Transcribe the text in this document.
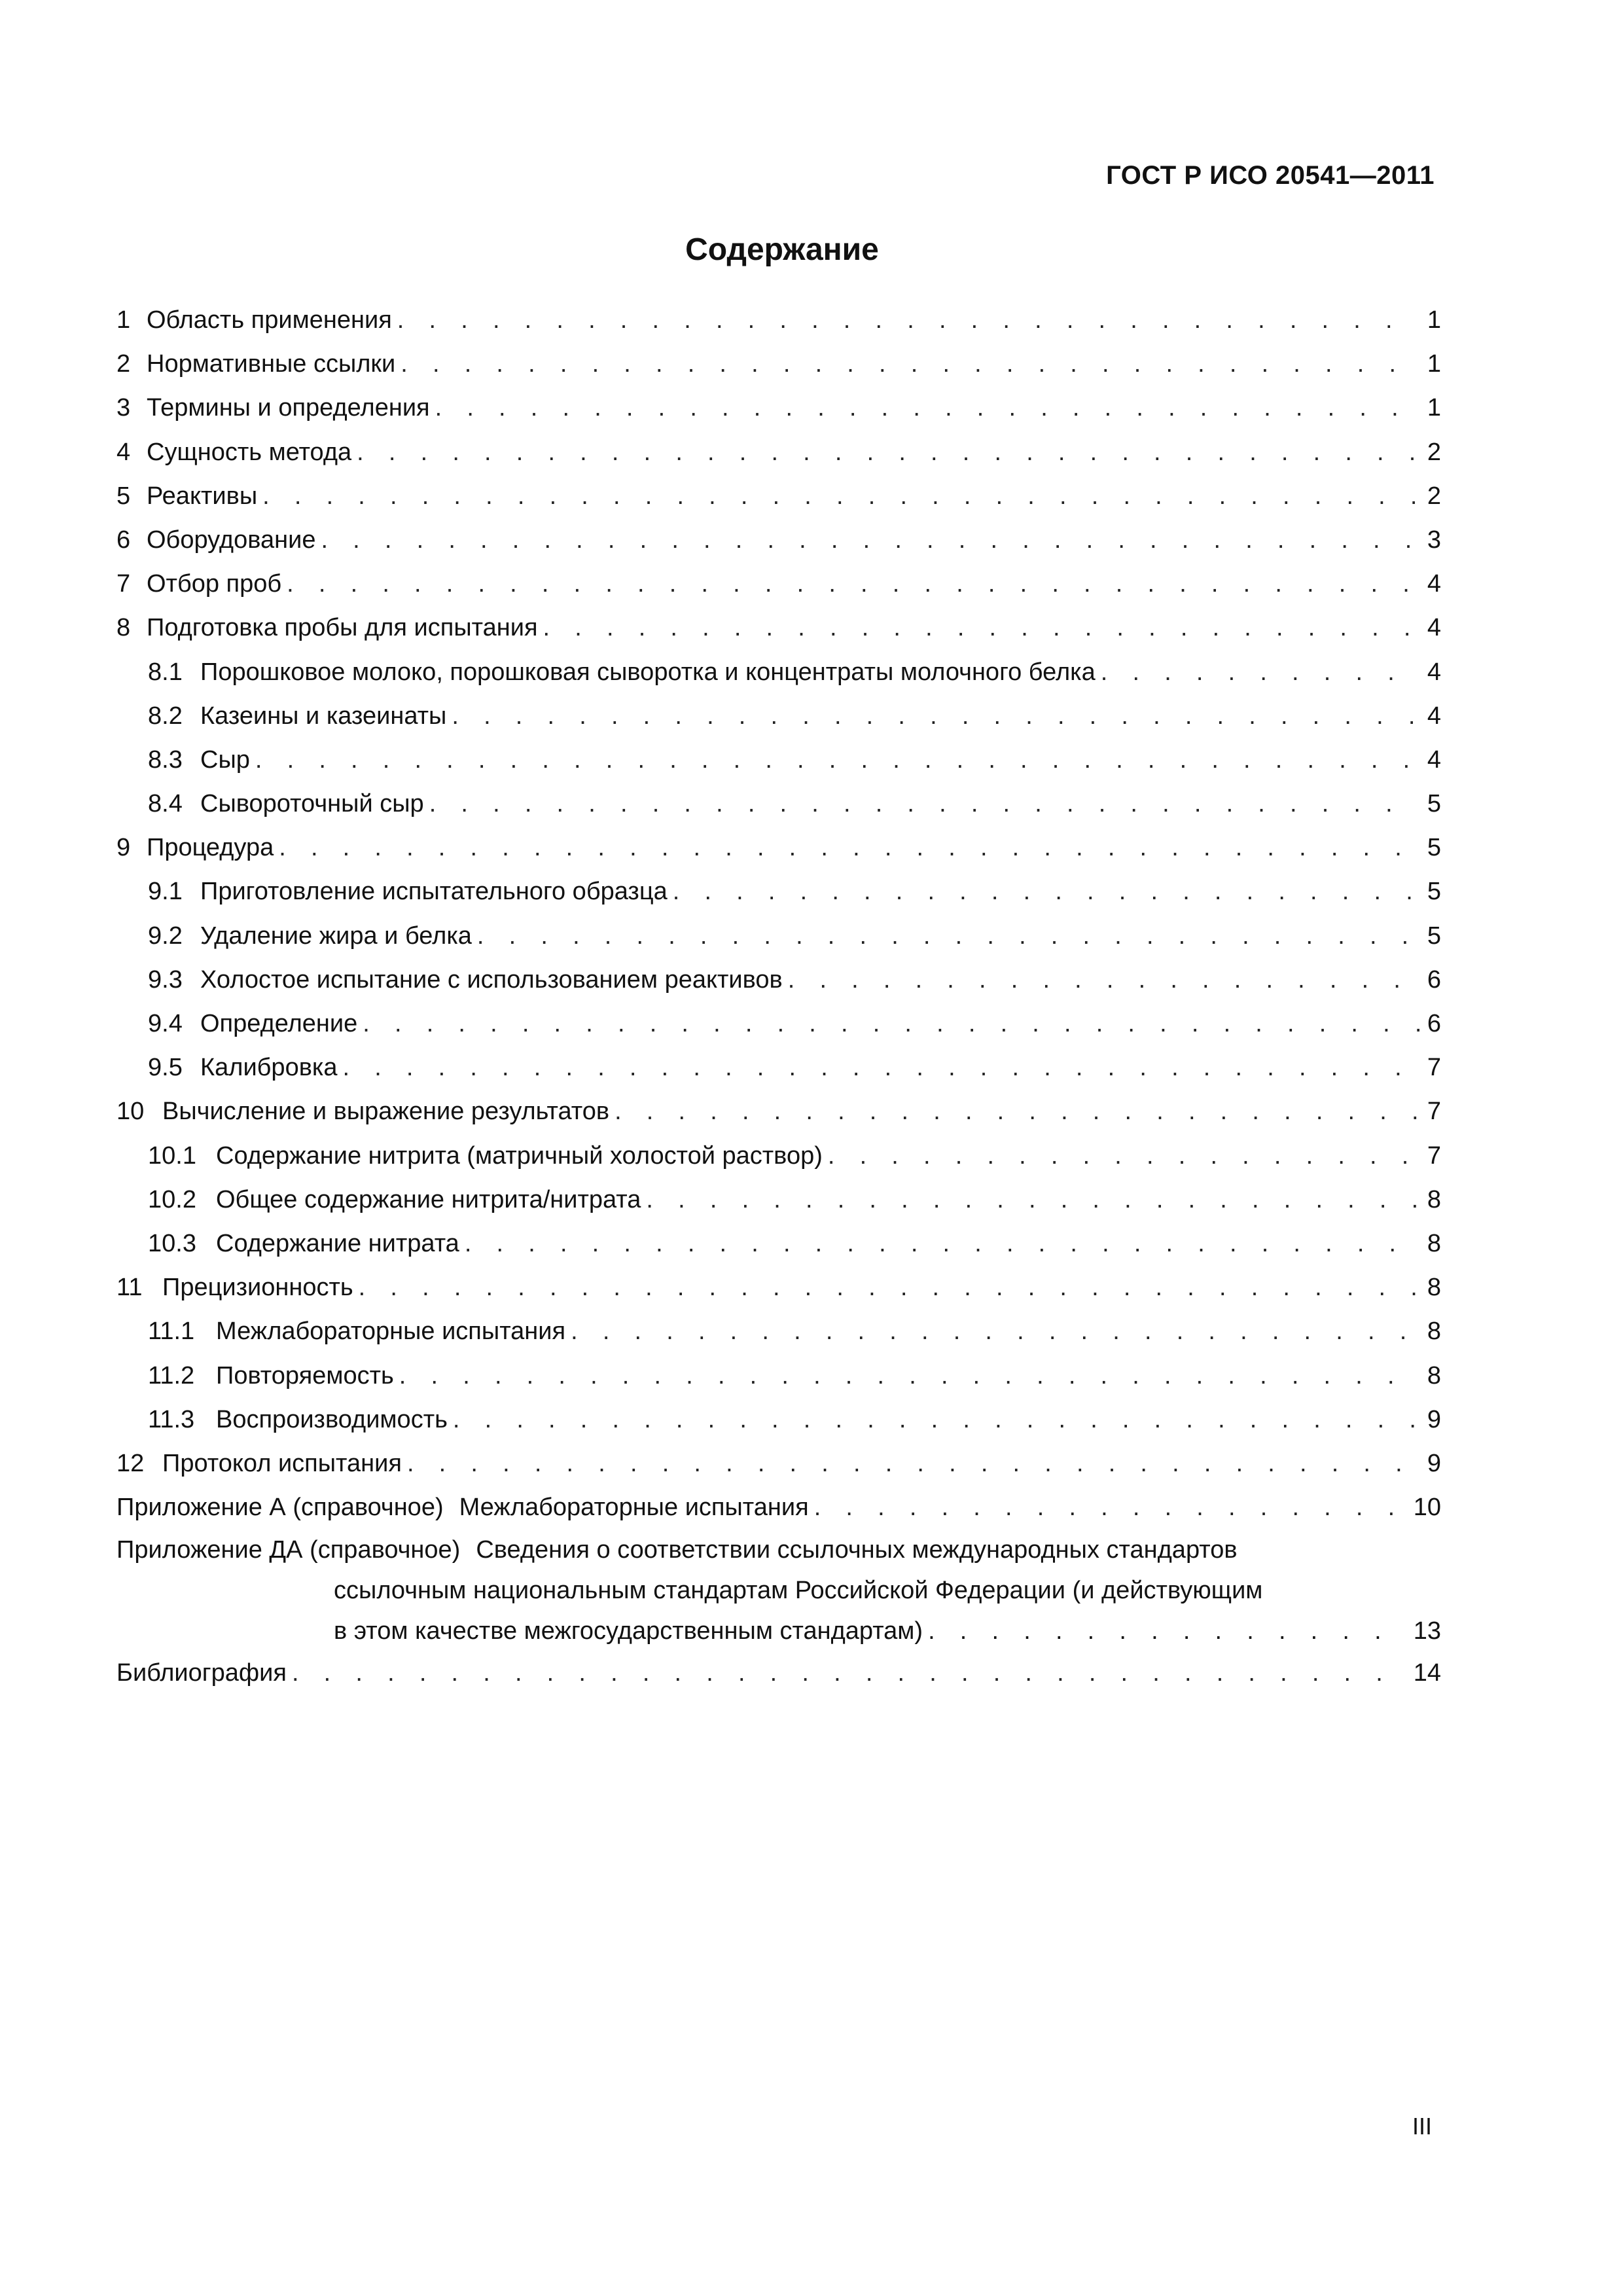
ГОСТ Р ИСО 20541—2011
Содержание
1 Область применения . . .	1
2 Нормативные ссылки . . .	1
3 Термины и определения . . .	1
4 Сущность метода . . .	2
5 Реактивы . . .	2
6 Оборудование . . .	3
7 Отбор проб . . .	4
8 Подготовка пробы для испытания . . .	4
8.1 Порошковое молоко, порошковая сыворотка и концентраты молочного белка . . .	4
8.2 Казеины и казеинаты . . .	4
8.3 Сыр . . .	4
8.4 Сывороточный сыр . . .	5
9 Процедура . . .	5
9.1 Приготовление испытательного образца . . .	5
9.2 Удаление жира и белка . . .	5
9.3 Холостое испытание с использованием реактивов . . .	6
9.4 Определение . . .	6
9.5 Калибровка . . .	7
10 Вычисление и выражение результатов . . .	7
10.1 Содержание нитрита (матричный холостой раствор) . . .	7
10.2 Общее содержание нитрита/нитрата . . .	8
10.3 Содержание нитрата . . .	8
11 Прецизионность . . .	8
11.1 Межлабораторные испытания . . .	8
11.2 Повторяемость . . .	8
11.3 Воспроизводимость . . .	9
12 Протокол испытания . . .	9
Приложение А (справочное) Межлабораторные испытания . . .	10
Приложение ДА (справочное) Сведения о соответствии ссылочных международных стандартов
ссылочным национальным стандартам Российской Федерации (и действующим
в этом качестве межгосударственным стандартам) . . .	13
Библиография . . .	14
III
